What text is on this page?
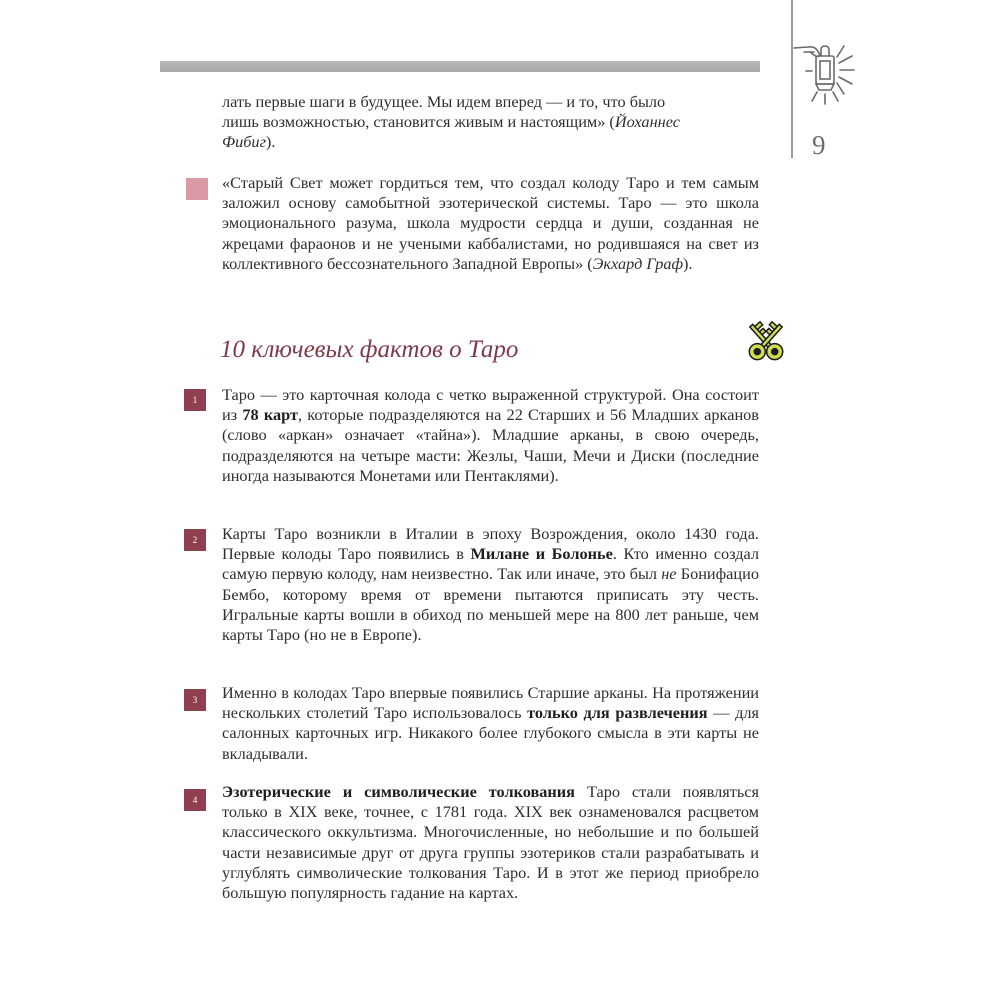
9
лать первые шаги в будущее. Мы идем вперед — и то, что было
лишь возможностью, становится живым и настоящим» (Йоханнес
Фибиг).
«Старый Свет может гордиться тем, что создал колоду Таро и тем самым заложил основу самобытной эзотерической системы. Таро — это школа эмоционального разума, школа мудрости сердца и души, созданная не жрецами фараонов и не учеными каббалистами, но родившаяся на свет из коллективного бессознательного Западной Европы» (Экхард Граф).
10 ключевых фактов о Таро
1	Таро — это карточная колода с четко выраженной структурой. Она состоит из 78 карт, которые подразделяются на 22 Старших и 56 Младших арканов (слово «аркан» означает «тайна»). Младшие арканы, в свою очередь, подразделяются на четыре масти: Жезлы, Чаши, Мечи и Диски (последние иногда называются Монетами или Пентаклями).
2	Карты Таро возникли в Италии в эпоху Возрождения, около 1430 года. Первые колоды Таро появились в Милане и Болонье. Кто именно создал самую первую колоду, нам неизвестно. Так или иначе, это был не Бонифацио Бембо, которому время от времени пытаются приписать эту честь. Игральные карты вошли в обиход по меньшей мере на 800 лет раньше, чем карты Таро (но не в Европе).
3	Именно в колодах Таро впервые появились Старшие арканы. На протяжении нескольких столетий Таро использовалось только для развлечения — для салонных карточных игр. Никакого более глубокого смысла в эти карты не вкладывали.
4	Эзотерические и символические толкования Таро стали появляться только в XIX веке, точнее, с 1781 года. XIX век ознаменовался расцветом классического оккультизма. Многочисленные, но небольшие и по большей части независимые друг от друга группы эзотериков стали разрабатывать и углублять символические толкования Таро. И в этот же период приобрело большую популярность гадание на картах.
